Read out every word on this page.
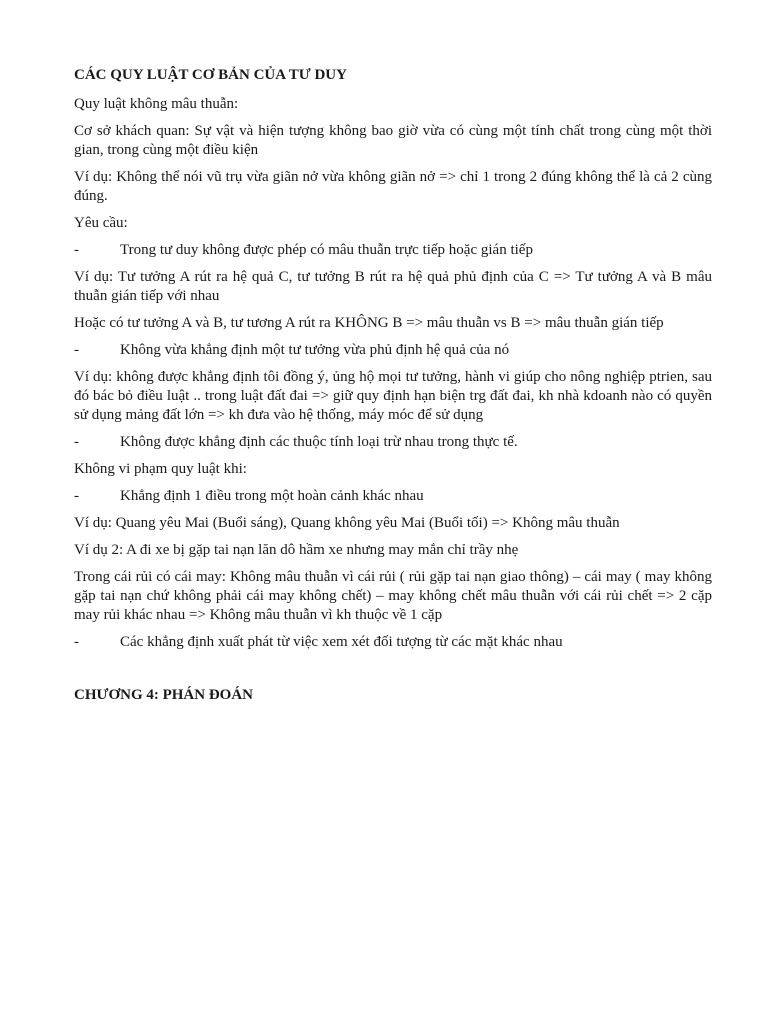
CÁC QUY LUẬT CƠ BẢN CỦA TƯ DUY

Quy luật không mâu thuẫn:

Cơ sở khách quan: Sự vật và hiện tượng không bao giờ vừa có cùng một tính chất trong cùng một thời gian, trong cùng một điều kiện

Ví dụ: Không thể nói vũ trụ vừa giãn nở vừa không giãn nở => chỉ 1 trong 2 đúng không thể là cả 2 cùng đúng.

Yêu cầu:

-	Trong tư duy không được phép có mâu thuẫn trực tiếp hoặc gián tiếp

Ví dụ: Tư tưởng A rút ra hệ quả C, tư tưởng B rút ra hệ quả phủ định của C => Tư tưởng A và B mâu thuẫn gián tiếp với nhau

Hoặc có tư tưởng A và B, tư tương A rút ra KHÔNG B => mâu thuẫn vs B => mâu thuẫn gián tiếp

-	Không vừa khẳng định một tư tưởng vừa phủ định hệ quả của nó

Ví dụ: không được khẳng định tôi đồng ý, ủng hộ mọi tư tưởng, hành vi giúp cho nông nghiệp ptrien, sau đó bác bỏ điều luật .. trong luật đất đai => giữ quy định hạn biện trg đất đai, kh nhà kdoanh nào có quyền sử dụng mảng đất lớn => kh đưa vào hệ thống, máy móc để sử dụng

-	Không được khẳng định các thuộc tính loại trừ nhau trong thực tế.

Không vi phạm quy luật khi:

-	Khẳng định 1 điều trong một hoàn cảnh khác nhau

Ví dụ: Quang yêu Mai (Buổi sáng), Quang không yêu Mai (Buổi tối) => Không mâu thuẫn

Ví dụ 2: A đi xe bị gặp tai nạn lăn dô hầm xe nhưng may mắn chỉ trầy nhẹ

Trong cái rủi có cái may: Không mâu thuẫn vì cái rủi ( rủi gặp tai nạn giao thông) – cái may ( may không gặp tai nạn chứ không phải cái may không chết) – may không chết mâu thuẫn với cái rủi chết => 2 cặp may rủi khác nhau => Không mâu thuẫn vì kh thuộc về 1 cặp

-	Các khẳng định xuất phát từ việc xem xét đối tượng từ các mặt khác nhau

CHƯƠNG 4: PHÁN ĐOÁN
